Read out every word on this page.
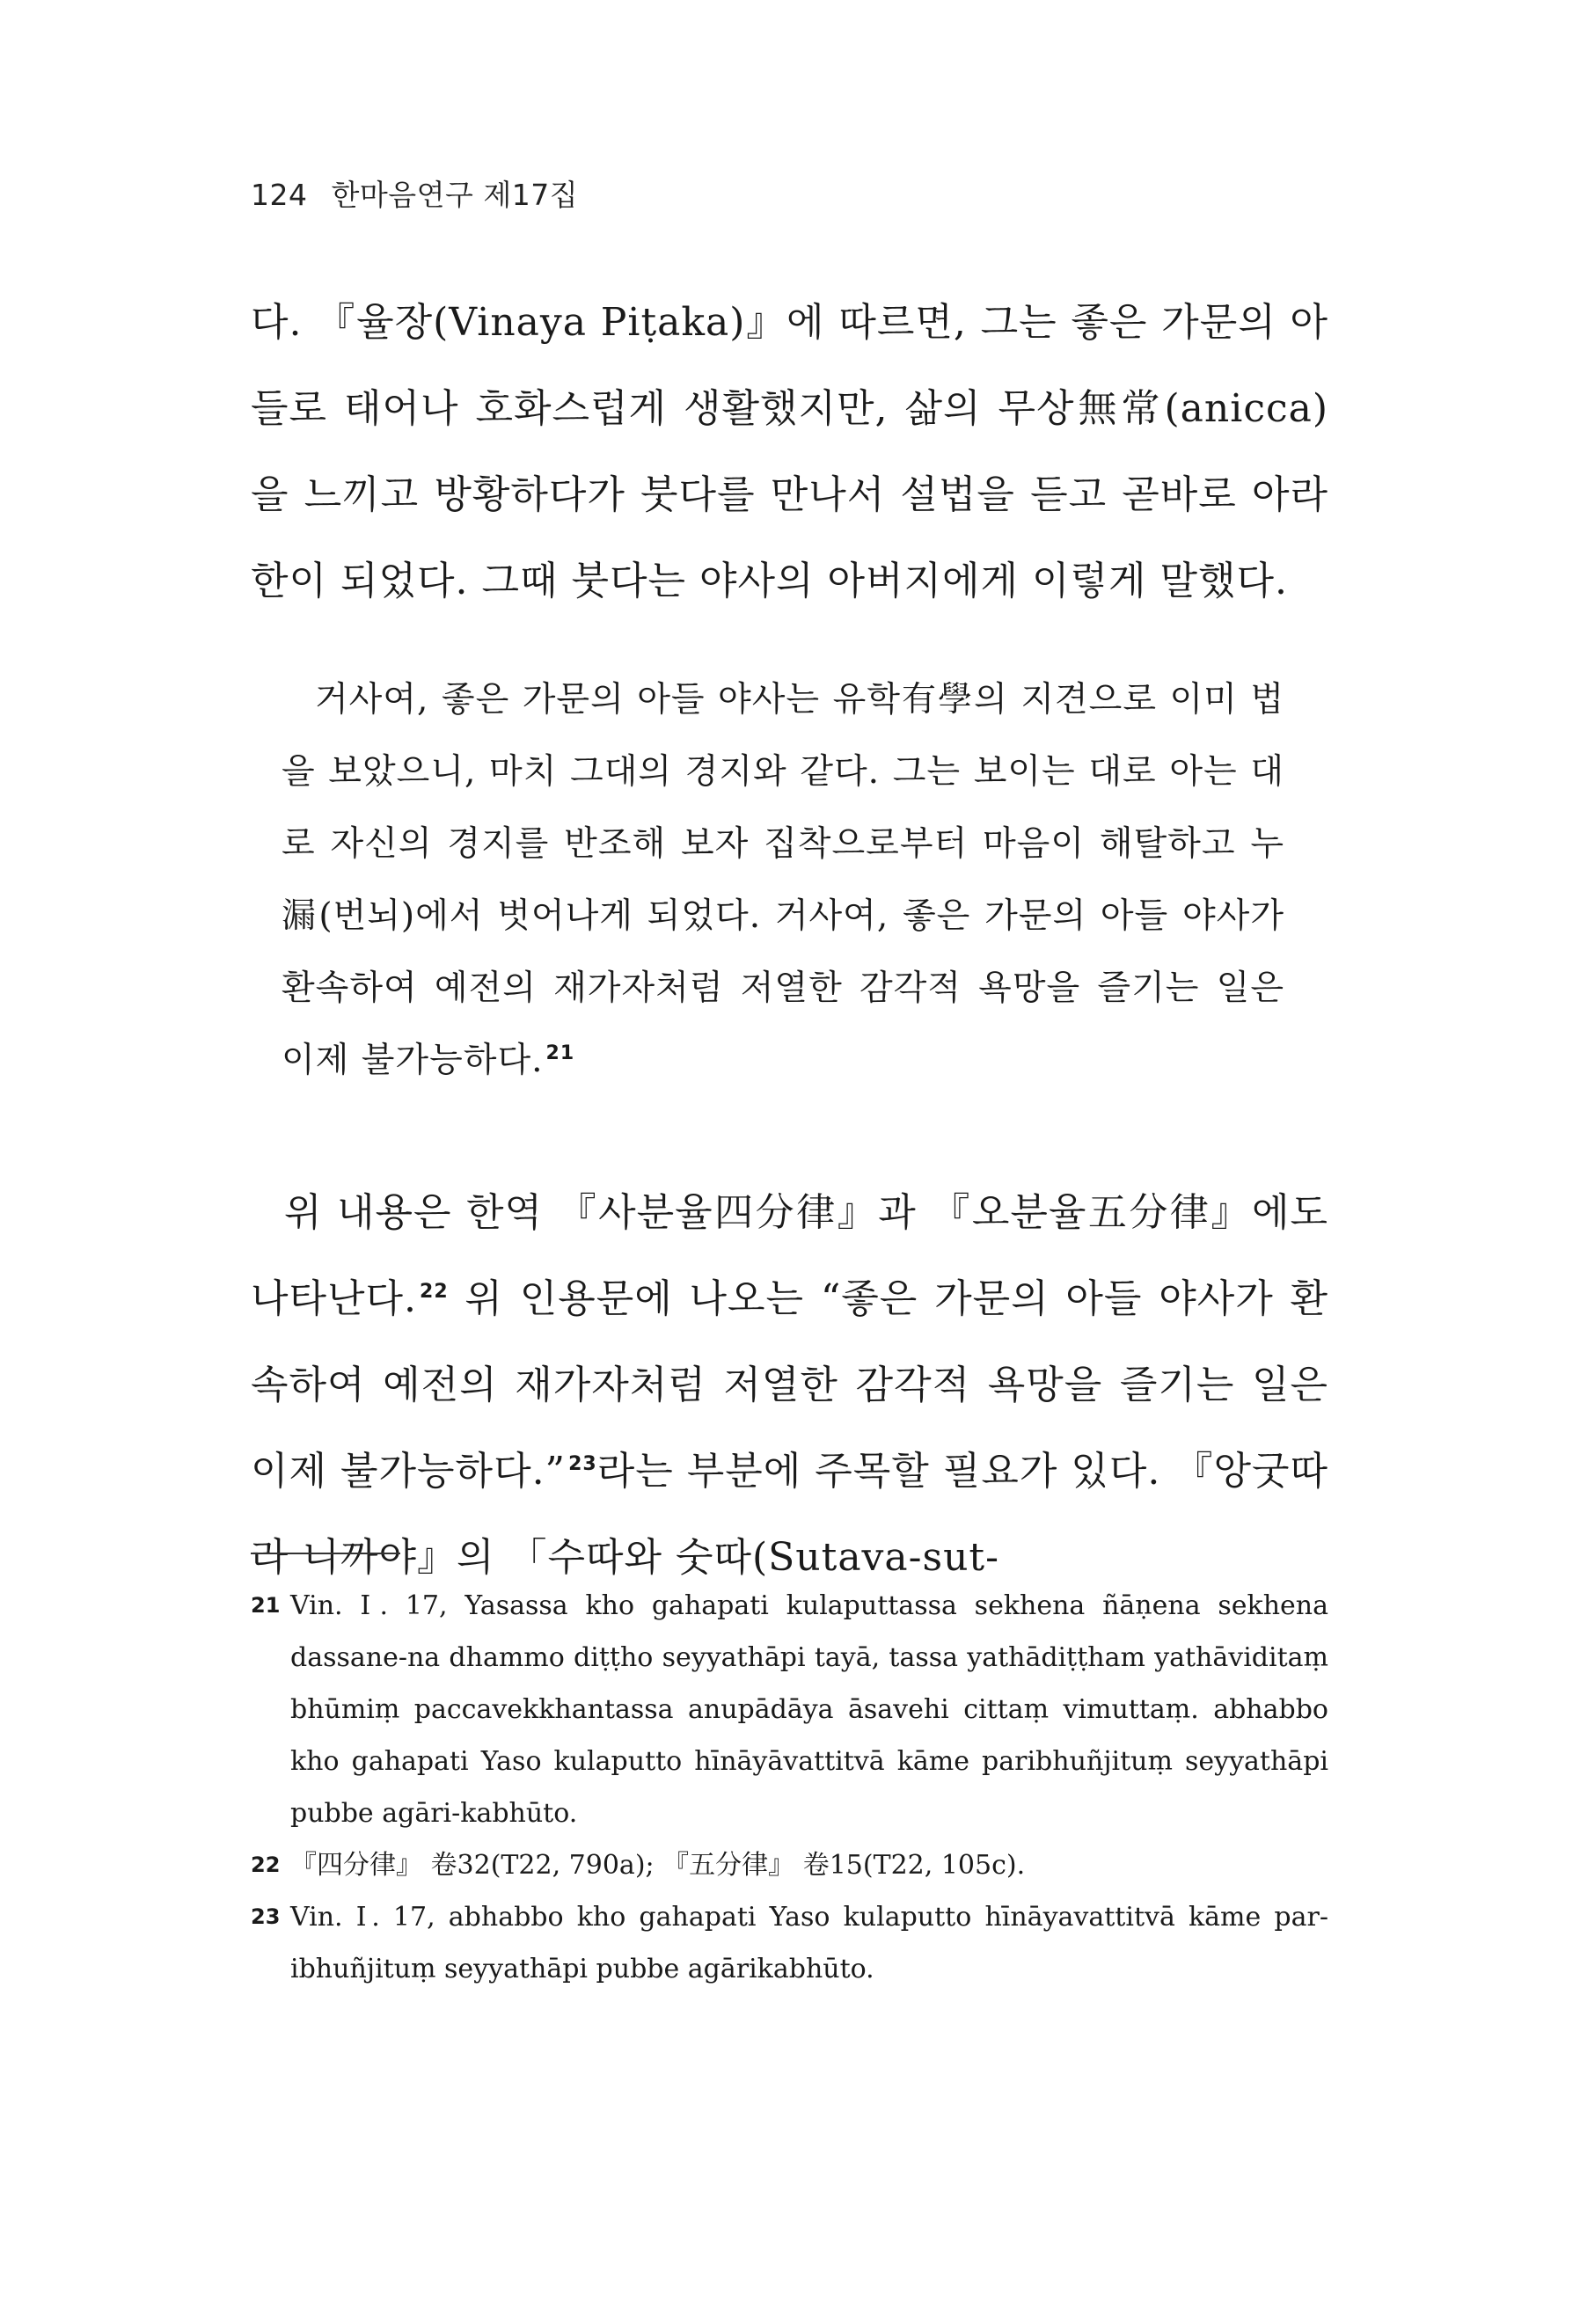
124 한마음연구 제17집
다. 『율장(Vinaya Piṭaka)』에 따르면, 그는 좋은 가문의 아들로 태어나 호화스럽게 생활했지만, 삶의 무상無常(anicca)을 느끼고 방황하다가 붓다를 만나서 설법을 듣고 곧바로 아라한이 되었다. 그때 붓다는 야사의 아버지에게 이렇게 말했다.
거사여, 좋은 가문의 아들 야사는 유학有學의 지견으로 이미 법을 보았으니, 마치 그대의 경지와 같다. 그는 보이는 대로 아는 대로 자신의 경지를 반조해 보자 집착으로부터 마음이 해탈하고 누漏(번뇌)에서 벗어나게 되었다. 거사여, 좋은 가문의 아들 야사가 환속하여 예전의 재가자처럼 저열한 감각적 욕망을 즐기는 일은 이제 불가능하다. $^{21}$
위 내용은 한역 『사분율四分律』과 『오분율五分律』에도 나타난다. $^{22}$ 위 인용문에 나오는 “좋은 가문의 아들 야사가 환속하여 예전의 재가자처럼 저열한 감각적 욕망을 즐기는 일은 이제 불가능하다.” $^{23}$라는 부분에 주목할 필요가 있다. 『앙굿따라 니까야』의 「수따와 숫따(Sutava-sut-
21 Vin. Ⅰ. 17, Yasassa kho gahapati kulaputtassa sekhena ñāṇena sekhena dassane-na dhammo diṭṭho seyyathāpi tayā, tassa yathādiṭṭham yathāviditaṃ bhūmiṃ paccavekkhantassa anupādāya āsavehi cittaṃ vimuttaṃ. abhabbo kho gahapati Yaso kulaputto hīnāyāvattitvā kāme paribhuñjituṃ seyyathāpi pubbe agāri-kabhūto.
22 『四分律』 卷32(T22, 790a); 『五分律』 卷15(T22, 105c).
23 Vin. Ⅰ. 17, abhabbo kho gahapati Yaso kulaputto hīnāyavattitvā kāme par-ibhuñjituṃ seyyathāpi pubbe agārikabhūto.
